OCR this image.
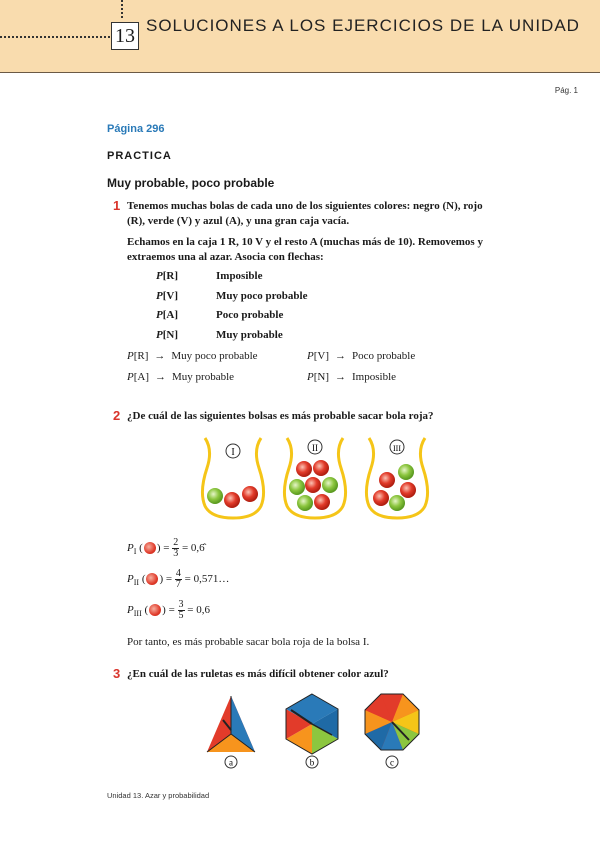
13 SOLUCIONES A LOS EJERCICIOS DE LA UNIDAD
Pág. 1
Página 296
PRACTICA
Muy probable, poco probable
1 Tenemos muchas bolas de cada uno de los siguientes colores: negro (N), rojo
(R), verde (V) y azul (A), y una gran caja vacía.
Echamos en la caja 1 R, 10 V y el resto A (muchas más de 10). Removemos y
extraemos una al azar. Asocia con flechas:
P[R]	Imposible
P[V]	Muy poco probable
P[A]	Poco probable
P[N]	Muy probable
P[R] → Muy poco probable	P[V] → Poco probable
P[A] → Muy probable	P[N] → Imposible
2 ¿De cuál de las siguientes bolsas es más probable sacar bola roja?
I	II	III
$P_I$ ( ) = $\frac{2}{3}$ = 0,6̂
$P_{II}$ ( ) = $\frac{4}{7}$ = 0,571…
$P_{III}$ ( ) = $\frac{3}{5} = 0,6$
Por tanto, es más probable sacar bola roja de la bolsa I.
3 ¿En cuál de las ruletas es más difícil obtener color azul?
a	b	c
Unidad 13. Azar y probabilidad
